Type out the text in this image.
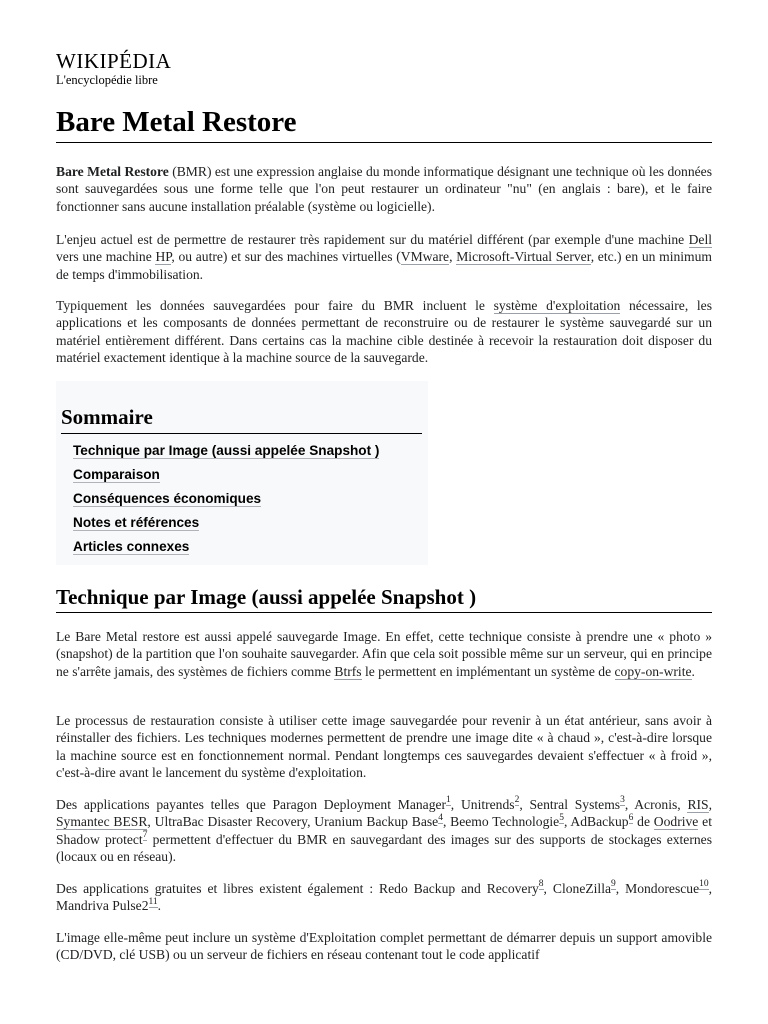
WIKIPÉDIA
L'encyclopédie libre
Bare Metal Restore

Bare Metal Restore (BMR) est une expression anglaise du monde informatique désignant une technique où les données sont sauvegardées sous une forme telle que l'on peut restaurer un ordinateur "nu" (en anglais : bare), et le faire fonctionner sans aucune installation préalable (système ou logicielle).

L'enjeu actuel est de permettre de restaurer très rapidement sur du matériel différent (par exemple d'une machine Dell vers une machine HP, ou autre) et sur des machines virtuelles (VMware, Microsoft-Virtual Server, etc.) en un minimum de temps d'immobilisation.

Typiquement les données sauvegardées pour faire du BMR incluent le système d'exploitation nécessaire, les applications et les composants de données permettant de reconstruire ou de restaurer le système sauvegardé sur un matériel entièrement différent. Dans certains cas la machine cible destinée à recevoir la restauration doit disposer du matériel exactement identique à la machine source de la sauvegarde.

Sommaire
Technique par Image (aussi appelée Snapshot )
Comparaison
Conséquences économiques
Notes et références
Articles connexes
Technique par Image (aussi appelée Snapshot )

Le Bare Metal restore est aussi appelé sauvegarde Image. En effet, cette technique consiste à prendre une « photo » (snapshot) de la partition que l'on souhaite sauvegarder. Afin que cela soit possible même sur un serveur, qui en principe ne s'arrête jamais, des systèmes de fichiers comme Btrfs le permettent en implémentant un système de copy-on-write.

Le processus de restauration consiste à utiliser cette image sauvegardée pour revenir à un état antérieur, sans avoir à réinstaller des fichiers. Les techniques modernes permettent de prendre une image dite « à chaud », c'est-à-dire lorsque la machine source est en fonctionnement normal. Pendant longtemps ces sauvegardes devaient s'effectuer « à froid », c'est-à-dire avant le lancement du système d'exploitation.

Des applications payantes telles que Paragon Deployment Manager$^1$, Unitrends$^2$, Sentral Systems$^3$, Acronis, RIS, Symantec BESR, UltraBac Disaster Recovery, Uranium Backup Base$^4$, Beemo Technologie$^5$, AdBackup$^6$ de Oodrive et Shadow protect$^7$ permettent d'effectuer du BMR en sauvegardant des images sur des supports de stockages externes (locaux ou en réseau).

Des applications gratuites et libres existent également : Redo Backup and Recovery$^8$, CloneZilla$^9$, Mondorescue$^{10}$, Mandriva $Pulse2^{11}$.

L'image elle-même peut inclure un système d'Exploitation complet permettant de démarrer depuis un support amovible (CD/DVD, clé USB) ou un serveur de fichiers en réseau contenant tout le code applicatif
